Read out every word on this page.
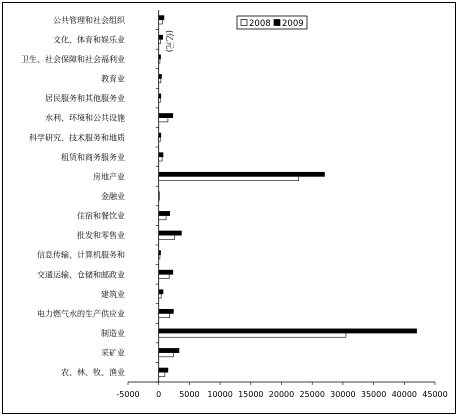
(亿元)
公共管理和社会组织
文化、体育和娱乐业
卫生、社会保障和社会福利业
教育业
居民服务和其他服务业
水利、环境和公共设施
科学研究、技术服务和地质
租赁和商务服务业
房地产业
金融业
住宿和餐饮业
批发和零售业
信息传输、计算机服务和
交通运输、仓储和邮政业
建筑业
电力燃气水的生产供应业
制造业
采矿业
农、林、牧、渔业
-5000 0 5000 10000 15000 20000 25000 30000 35000 40000 45000
2008 2009
